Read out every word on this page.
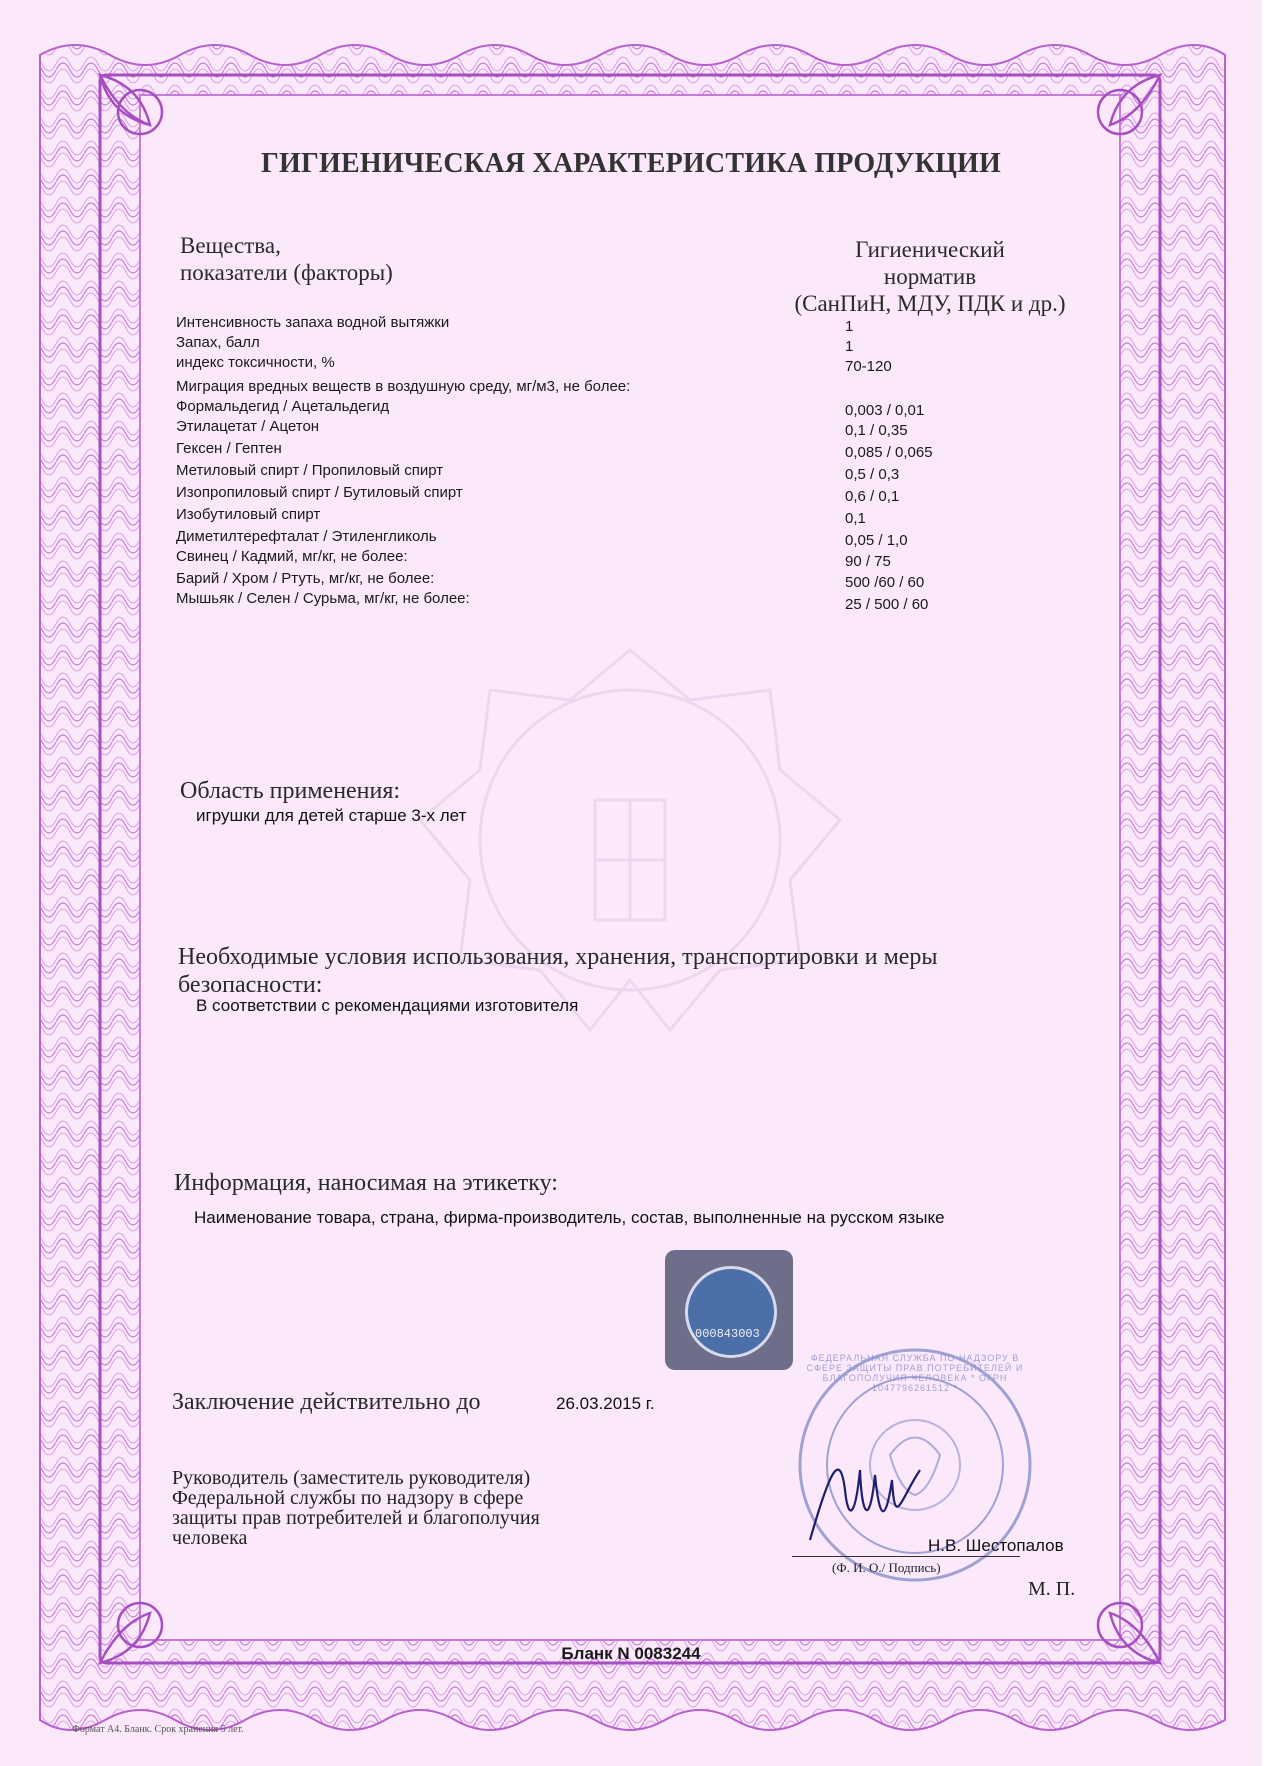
ГИГИЕНИЧЕСКАЯ ХАРАКТЕРИСТИКА ПРОДУКЦИИ
Вещества,
показатели (факторы)
Гигиенический
норматив
(СанПиН, МДУ, ПДК и др.)
Интенсивность запаха водной вытяжки	1
Запах, балл	1
индекс токсичности, %	70-120
Миграция вредных веществ в воздушную среду, мг/м3, не более:
Формальдегид / Ацетальдегид	0,003 / 0,01
Этилацетат / Ацетон	0,1 / 0,35
Гексен / Гептен	0,085 / 0,065
Метиловый спирт / Пропиловый спирт	0,5 / 0,3
Изопропиловый спирт / Бутиловый спирт	0,6 / 0,1
Изобутиловый спирт	0,1
Диметилтерефталат / Этиленгликоль	0,05 / 1,0
Свинец / Кадмий, мг/кг, не более:	90 / 75
Барий / Хром / Ртуть, мг/кг, не более:	500 /60 / 60
Мышьяк / Селен / Сурьма, мг/кг, не более:	25 / 500 / 60
Область применения:
игрушки для детей старше 3-х лет
Необходимые условия использования, хранения, транспортировки и меры
безопасности:
В соответствии с рекомендациями изготовителя
Информация, наносимая на этикетку:
Наименование товара, страна, фирма-производитель, состав, выполненные на русском языке
000843003
Заключение действительно до	26.03.2015 г.
Руководитель (заместитель руководителя)
Федеральной службы по надзору в сфере
защиты прав потребителей и благополучия
человека
ФЕДЕРАЛЬНАЯ СЛУЖБА ПО НАДЗОРУ В СФЕРЕ ЗАЩИТЫ ПРАВ ПОТРЕБИТЕЛЕЙ И БЛАГОПОЛУЧИЯ ЧЕЛОВЕКА * ОГРН 1047796261512 *
Н.В. Шестопалов
(Ф. И. О./ Подпись)
М. П.
Бланк N 0083244
Формат А4. Бланк. Срок хранения 5 лет.
